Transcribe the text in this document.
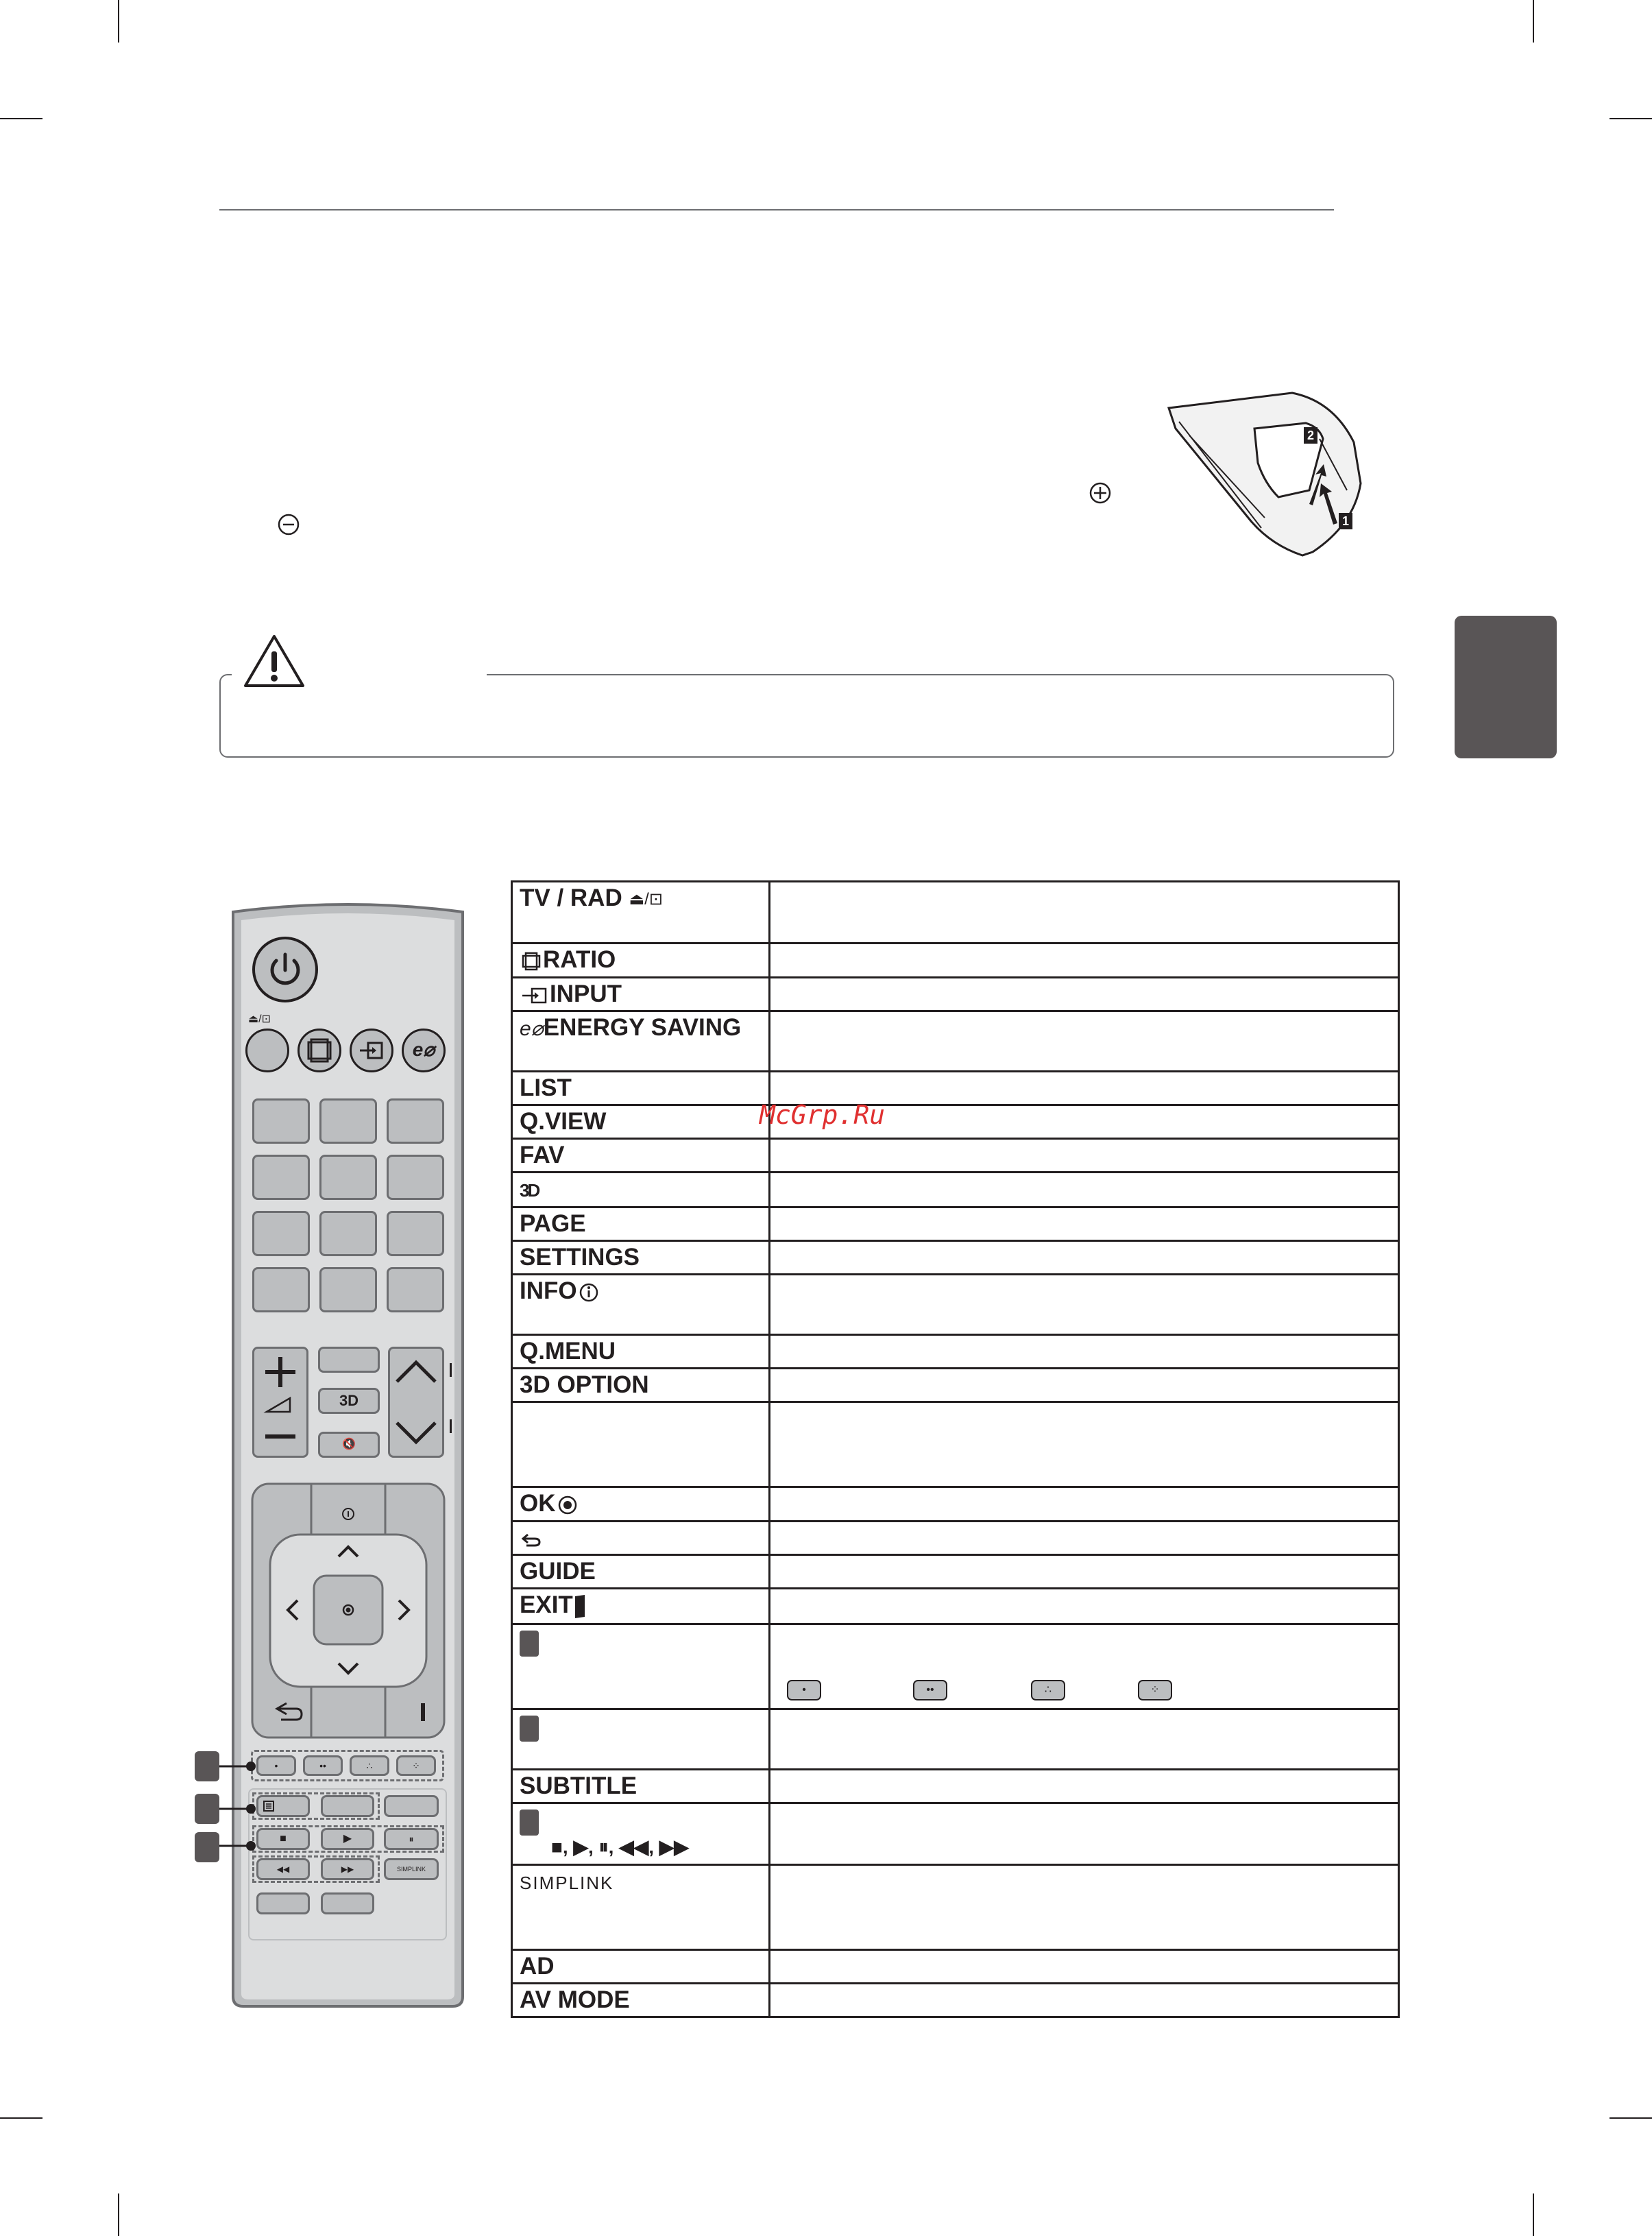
2
1
⏏/⊡
e⌀
3D
🔇
•	••	∴	⁘
■	▶	⏸
◀◀	▶▶	SIMPLINK
TV / RAD ⏏/⊡	
RATIO	
INPUT	
e⌀ENERGY SAVING	
LIST	
Q.VIEW	
FAV	
3D	
PAGE	
SETTINGS	
INFO	
Q.MENU	
3D OPTION	

OK	

GUIDE	
EXIT	

	• •• ∴ ⁘

SUBTITLE	

■, ▶, ⏸, ◀◀, ▶▶	

SIMPLINK	
AD	
AV MODE	
McGrp.Ru
